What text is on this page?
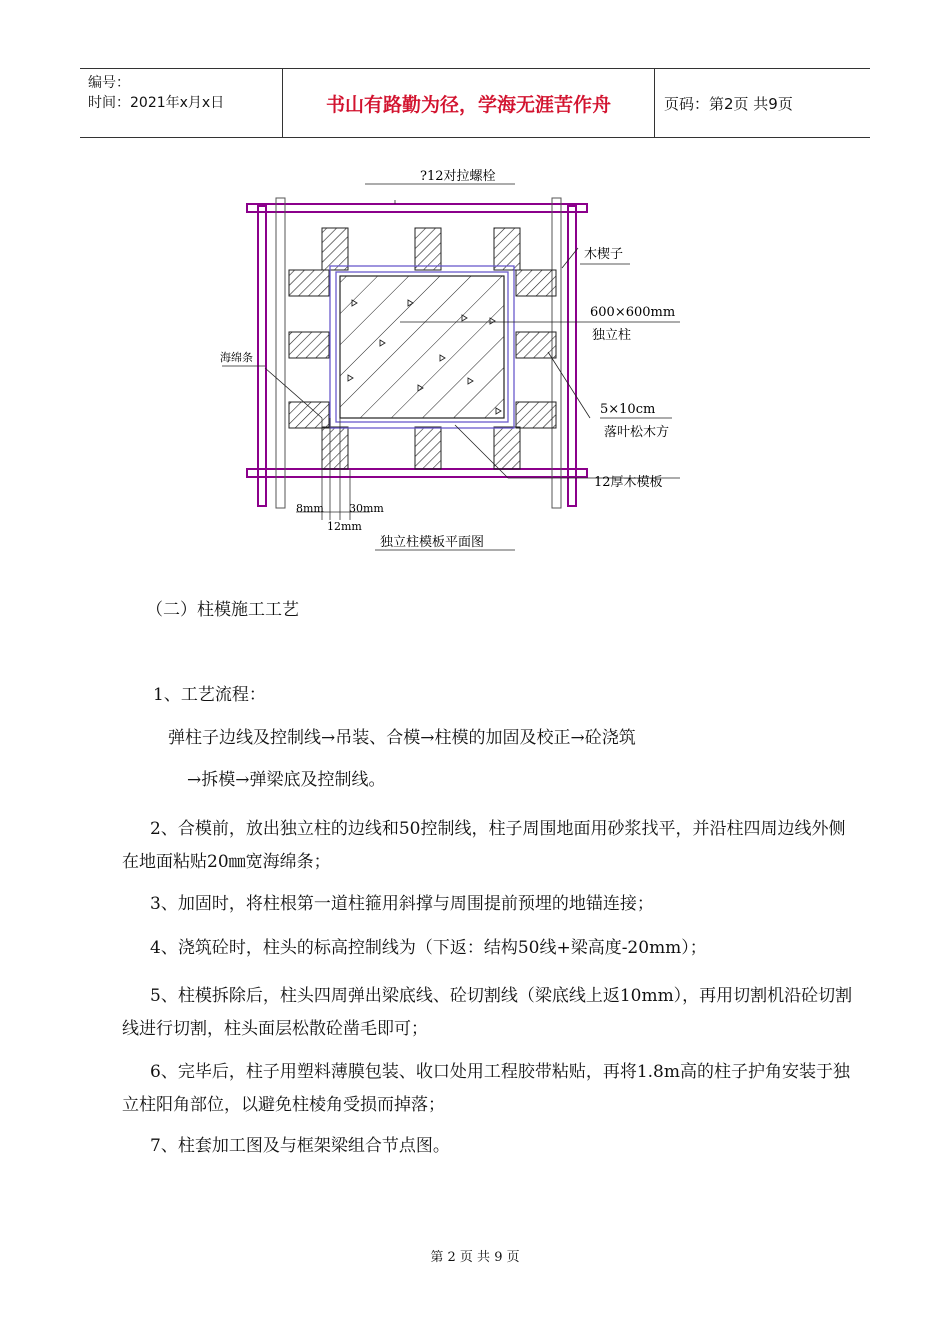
编号：
时间：2021年x月x日	书山有路勤为径，学海无涯苦作舟	页码：第2页 共9页
?12对拉螺栓
木楔子
600×600mm
独立柱
海绵条
5×10cm
落叶松木方
12厚木模板
8mm 30mm
12mm
独立柱模板平面图
（二）柱模施工工艺
1、工艺流程：
弹柱子边线及控制线→吊装、合模→柱模的加固及校正→砼浇筑
→拆模→弹梁底及控制线。
2、合模前，放出独立柱的边线和50控制线，柱子周围地面用砂浆找平，并沿柱四周边线外侧在地面粘贴20㎜宽海绵条；
3、加固时，将柱根第一道柱箍用斜撑与周围提前预埋的地锚连接；
4、浇筑砼时，柱头的标高控制线为（下返：结构50线+梁高度-20mm）；
5、柱模拆除后，柱头四周弹出梁底线、砼切割线（梁底线上返10mm），再用切割机沿砼切割线进行切割，柱头面层松散砼凿毛即可；
6、完毕后，柱子用塑料薄膜包装、收口处用工程胶带粘贴，再将1.8m高的柱子护角安装于独立柱阳角部位，以避免柱棱角受损而掉落；
7、柱套加工图及与框架梁组合节点图。
第 2 页 共 9 页
